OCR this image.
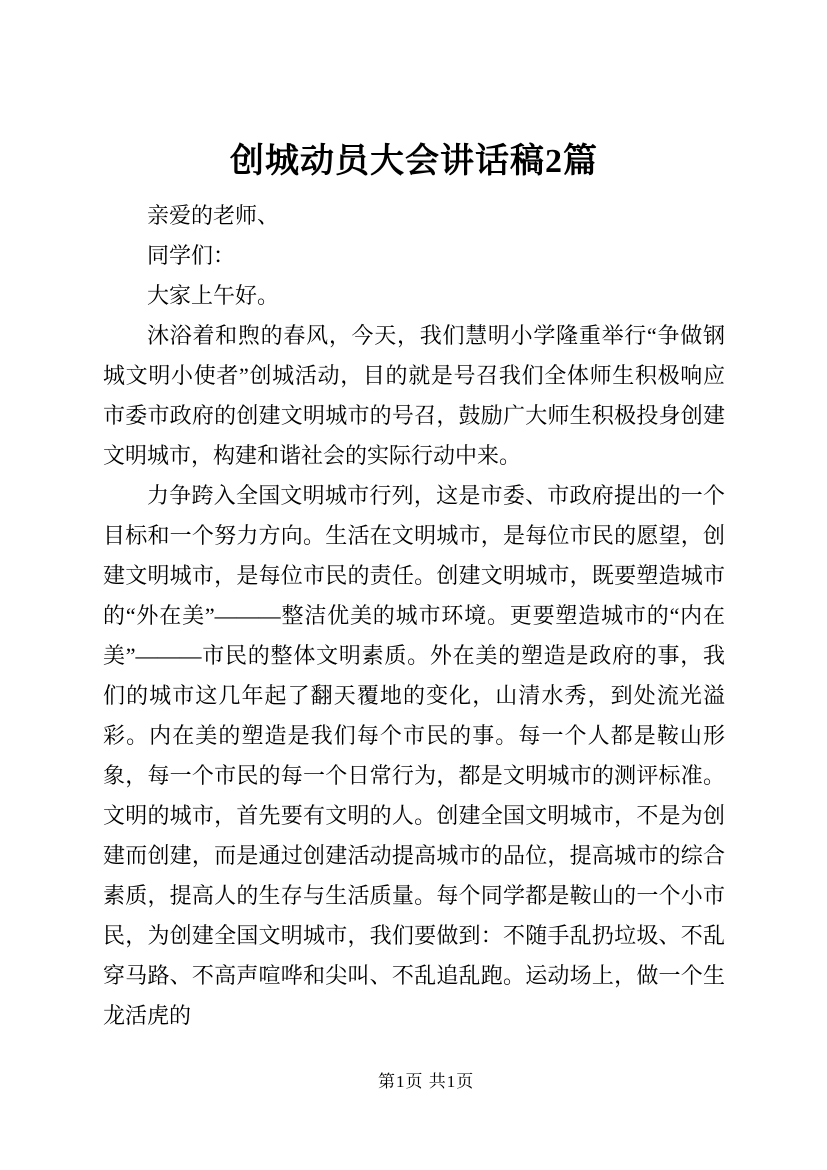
创城动员大会讲话稿2篇

亲爱的老师、

同学们：

大家上午好。

沐浴着和煦的春风，今天，我们慧明小学隆重举行“争做钢城文明小使者”创城活动，目的就是号召我们全体师生积极响应市委市政府的创建文明城市的号召，鼓励广大师生积极投身创建文明城市，构建和谐社会的实际行动中来。

力争跨入全国文明城市行列，这是市委、市政府提出的一个目标和一个努力方向。生活在文明城市，是每位市民的愿望，创建文明城市，是每位市民的责任。创建文明城市，既要塑造城市的“外在美”———整洁优美的城市环境。更要塑造城市的“内在美”———市民的整体文明素质。外在美的塑造是政府的事，我们的城市这几年起了翻天覆地的变化，山清水秀，到处流光溢彩。内在美的塑造是我们每个市民的事。每一个人都是鞍山形象，每一个市民的每一个日常行为，都是文明城市的测评标准。文明的城市，首先要有文明的人。创建全国文明城市，不是为创建而创建，而是通过创建活动提高城市的品位，提高城市的综合素质，提高人的生存与生活质量。每个同学都是鞍山的一个小市民，为创建全国文明城市，我们要做到：不随手乱扔垃圾、不乱穿马路、不高声喧哗和尖叫、不乱追乱跑。运动场上，做一个生龙活虎的

第1页 共1页
